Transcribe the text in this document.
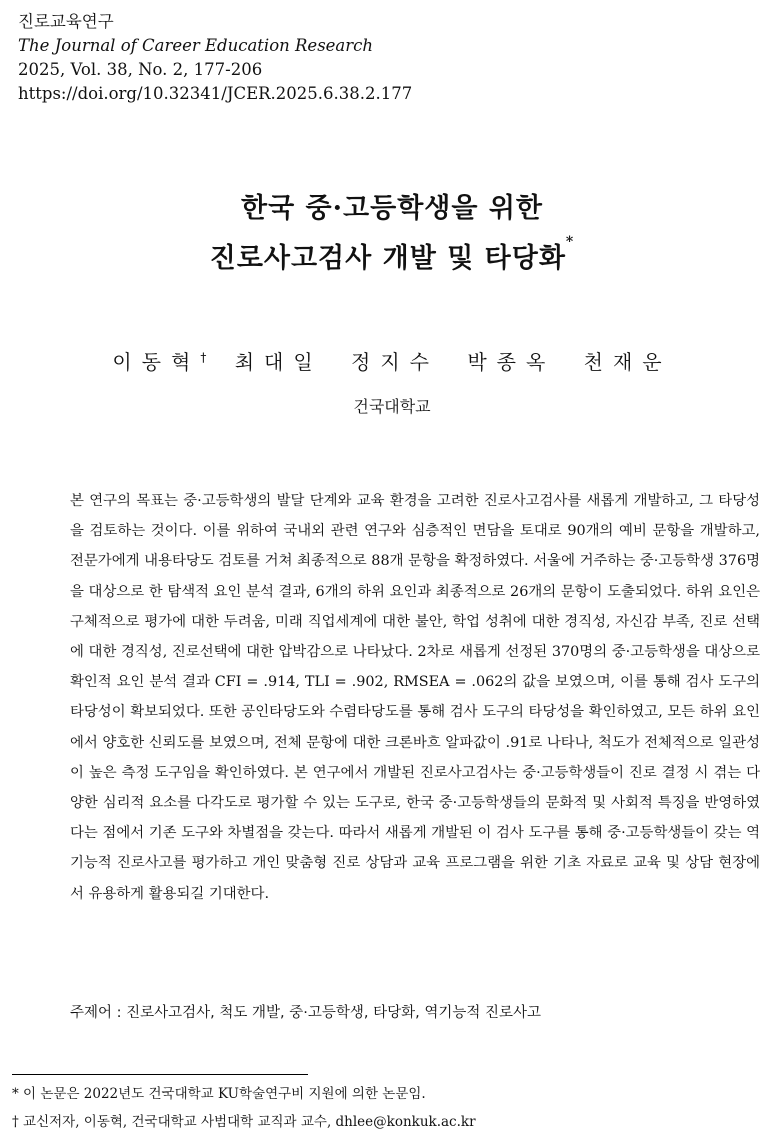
진로교육연구
The Journal of Career Education Research
2025, Vol. 38, No. 2, 177-206
https://doi.org/10.32341/JCER.2025.6.38.2.177
한국 중·고등학생을 위한
진로사고검사 개발 및 타당화*
이동혁† 최대일 정지수 박종옥 천재운
건국대학교
본 연구의 목표는 중·고등학생의 발달 단계와 교육 환경을 고려한 진로사고검사를 새롭게 개발하고, 그 타당성을 검토하는 것이다. 이를 위하여 국내외 관련 연구와 심층적인 면담을 토대로 90개의 예비 문항을 개발하고, 전문가에게 내용타당도 검토를 거쳐 최종적으로 88개 문항을 확정하였다. 서울에 거주하는 중·고등학생 376명을 대상으로 한 탐색적 요인 분석 결과, 6개의 하위 요인과 최종적으로 26개의 문항이 도출되었다. 하위 요인은 구체적으로 평가에 대한 두려움, 미래 직업세계에 대한 불안, 학업 성취에 대한 경직성, 자신감 부족, 진로 선택에 대한 경직성, 진로선택에 대한 압박감으로 나타났다. 2차로 새롭게 선정된 370명의 중·고등학생을 대상으로 확인적 요인 분석 결과 CFI = .914, TLI = .902, RMSEA = .062의 값을 보였으며, 이를 통해 검사 도구의 타당성이 확보되었다. 또한 공인타당도와 수렴타당도를 통해 검사 도구의 타당성을 확인하였고, 모든 하위 요인에서 양호한 신뢰도를 보였으며, 전체 문항에 대한 크론바흐 알파값이 .91로 나타나, 척도가 전체적으로 일관성이 높은 측정 도구임을 확인하였다. 본 연구에서 개발된 진로사고검사는 중·고등학생들이 진로 결정 시 겪는 다양한 심리적 요소를 다각도로 평가할 수 있는 도구로, 한국 중·고등학생들의 문화적 및 사회적 특징을 반영하였다는 점에서 기존 도구와 차별점을 갖는다. 따라서 새롭게 개발된 이 검사 도구를 통해 중·고등학생들이 갖는 역기능적 진로사고를 평가하고 개인 맞춤형 진로 상담과 교육 프로그램을 위한 기초 자료로 교육 및 상담 현장에서 유용하게 활용되길 기대한다.
주제어 : 진로사고검사, 척도 개발, 중·고등학생, 타당화, 역기능적 진로사고
* 이 논문은 2022년도 건국대학교 KU학술연구비 지원에 의한 논문임.
† 교신저자, 이동혁, 건국대학교 사범대학 교직과 교수, dhlee@konkuk.ac.kr
